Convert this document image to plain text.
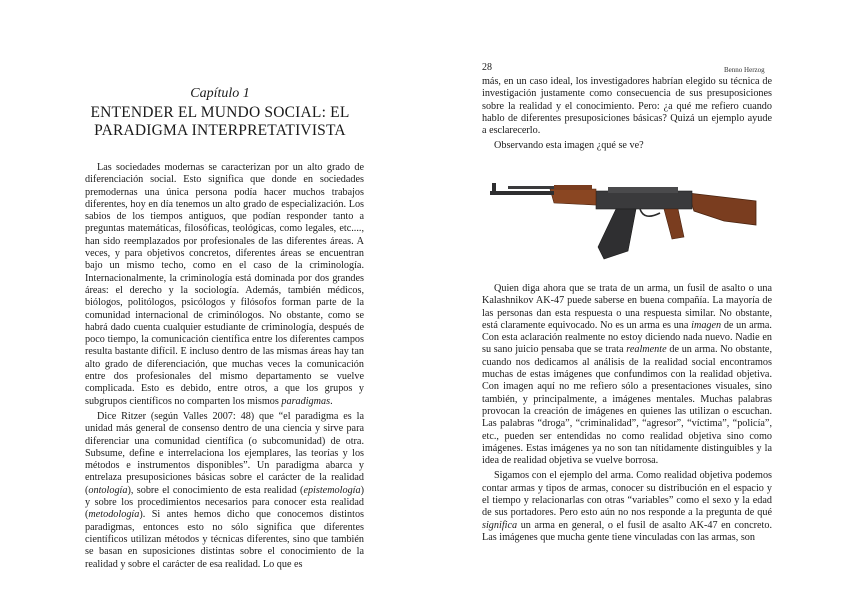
Capítulo 1
ENTENDER EL MUNDO SOCIAL: EL
PARADIGMA INTERPRETATIVISTA

Las sociedades modernas se caracterizan por un alto grado de diferenciación social. Esto significa que donde en sociedades premodernas una única persona podía hacer muchos trabajos diferentes, hoy en día tenemos un alto grado de especialización. Los sabios de los tiempos antiguos, que podían responder tanto a preguntas matemáticas, filosóficas, teológicas, como legales, etc...., han sido reemplazados por profesionales de las diferentes áreas. A veces, y para objetivos concretos, diferentes áreas se encuentran bajo un mismo techo, como en el caso de la criminología. Internacionalmente, la criminología está dominada por dos grandes áreas: el derecho y la sociología. Además, también médicos, biólogos, politólogos, psicólogos y filósofos forman parte de la comunidad internacional de criminólogos. No obstante, como se habrá dado cuenta cualquier estudiante de criminología, después de poco tiempo, la comunicación científica entre los diferentes campos resulta bastante difícil. E incluso dentro de las mismas áreas hay tan alto grado de diferenciación, que muchas veces la comunicación entre dos profesionales del mismo departamento se vuelve complicada. Esto es debido, entre otros, a que los grupos y subgrupos científicos no comparten los mismos paradigmas.

Dice Ritzer (según Valles 2007: 48) que “el paradigma es la unidad más general de consenso dentro de una ciencia y sirve para diferenciar una comunidad científica (o subcomunidad) de otra. Subsume, define e interrelaciona los ejemplares, las teorías y los métodos e instrumentos disponibles”. Un paradigma abarca y entrelaza presuposiciones básicas sobre el carácter de la realidad (ontología), sobre el conocimiento de esta realidad (epistemología) y sobre los procedimientos necesarios para conocer esta realidad (metodología). Si antes hemos dicho que conocemos distintos paradigmas, entonces esto no sólo significa que diferentes científicos utilizan métodos y técnicas diferentes, sino que también se basan en suposiciones distintas sobre el conocimiento de la realidad y sobre el carácter de esa realidad. Lo que es

28	Benno Herzog

más, en un caso ideal, los investigadores habrían elegido su técnica de investigación justamente como consecuencia de sus presuposiciones sobre la realidad y el conocimiento. Pero: ¿a qué me refiero cuando hablo de diferentes presuposiciones básicas? Quizá un ejemplo ayude a esclarecerlo.

Observando esta imagen ¿qué se ve?

Quien diga ahora que se trata de un arma, un fusil de asalto o una Kalashnikov AK-47 puede saberse en buena compañía. La mayoría de las personas dan esta respuesta o una respuesta similar. No obstante, está claramente equivocado. No es un arma es una imagen de un arma. Con esta aclaración realmente no estoy diciendo nada nuevo. Nadie en su sano juicio pensaba que se trata realmente de un arma. No obstante, cuando nos dedicamos al análisis de la realidad social encontramos muchas de estas imágenes que confundimos con la realidad objetiva. Con imagen aquí no me refiero sólo a presentaciones visuales, sino también, y principalmente, a imágenes mentales. Muchas palabras provocan la creación de imágenes en quienes las utilizan o escuchan. Las palabras “droga”, “criminalidad”, “agresor”, “víctima”, “policía”, etc., pueden ser entendidas no como realidad objetiva sino como imágenes. Estas imágenes ya no son tan nítidamente distinguibles y la idea de realidad objetiva se vuelve borrosa.

Sigamos con el ejemplo del arma. Como realidad objetiva podemos contar armas y tipos de armas, conocer su distribución en el espacio y el tiempo y relacionarlas con otras “variables” como el sexo y la edad de sus portadores. Pero esto aún no nos responde a la pregunta de qué significa un arma en general, o el fusil de asalto AK-47 en concreto. Las imágenes que mucha gente tiene vinculadas con las armas, son
